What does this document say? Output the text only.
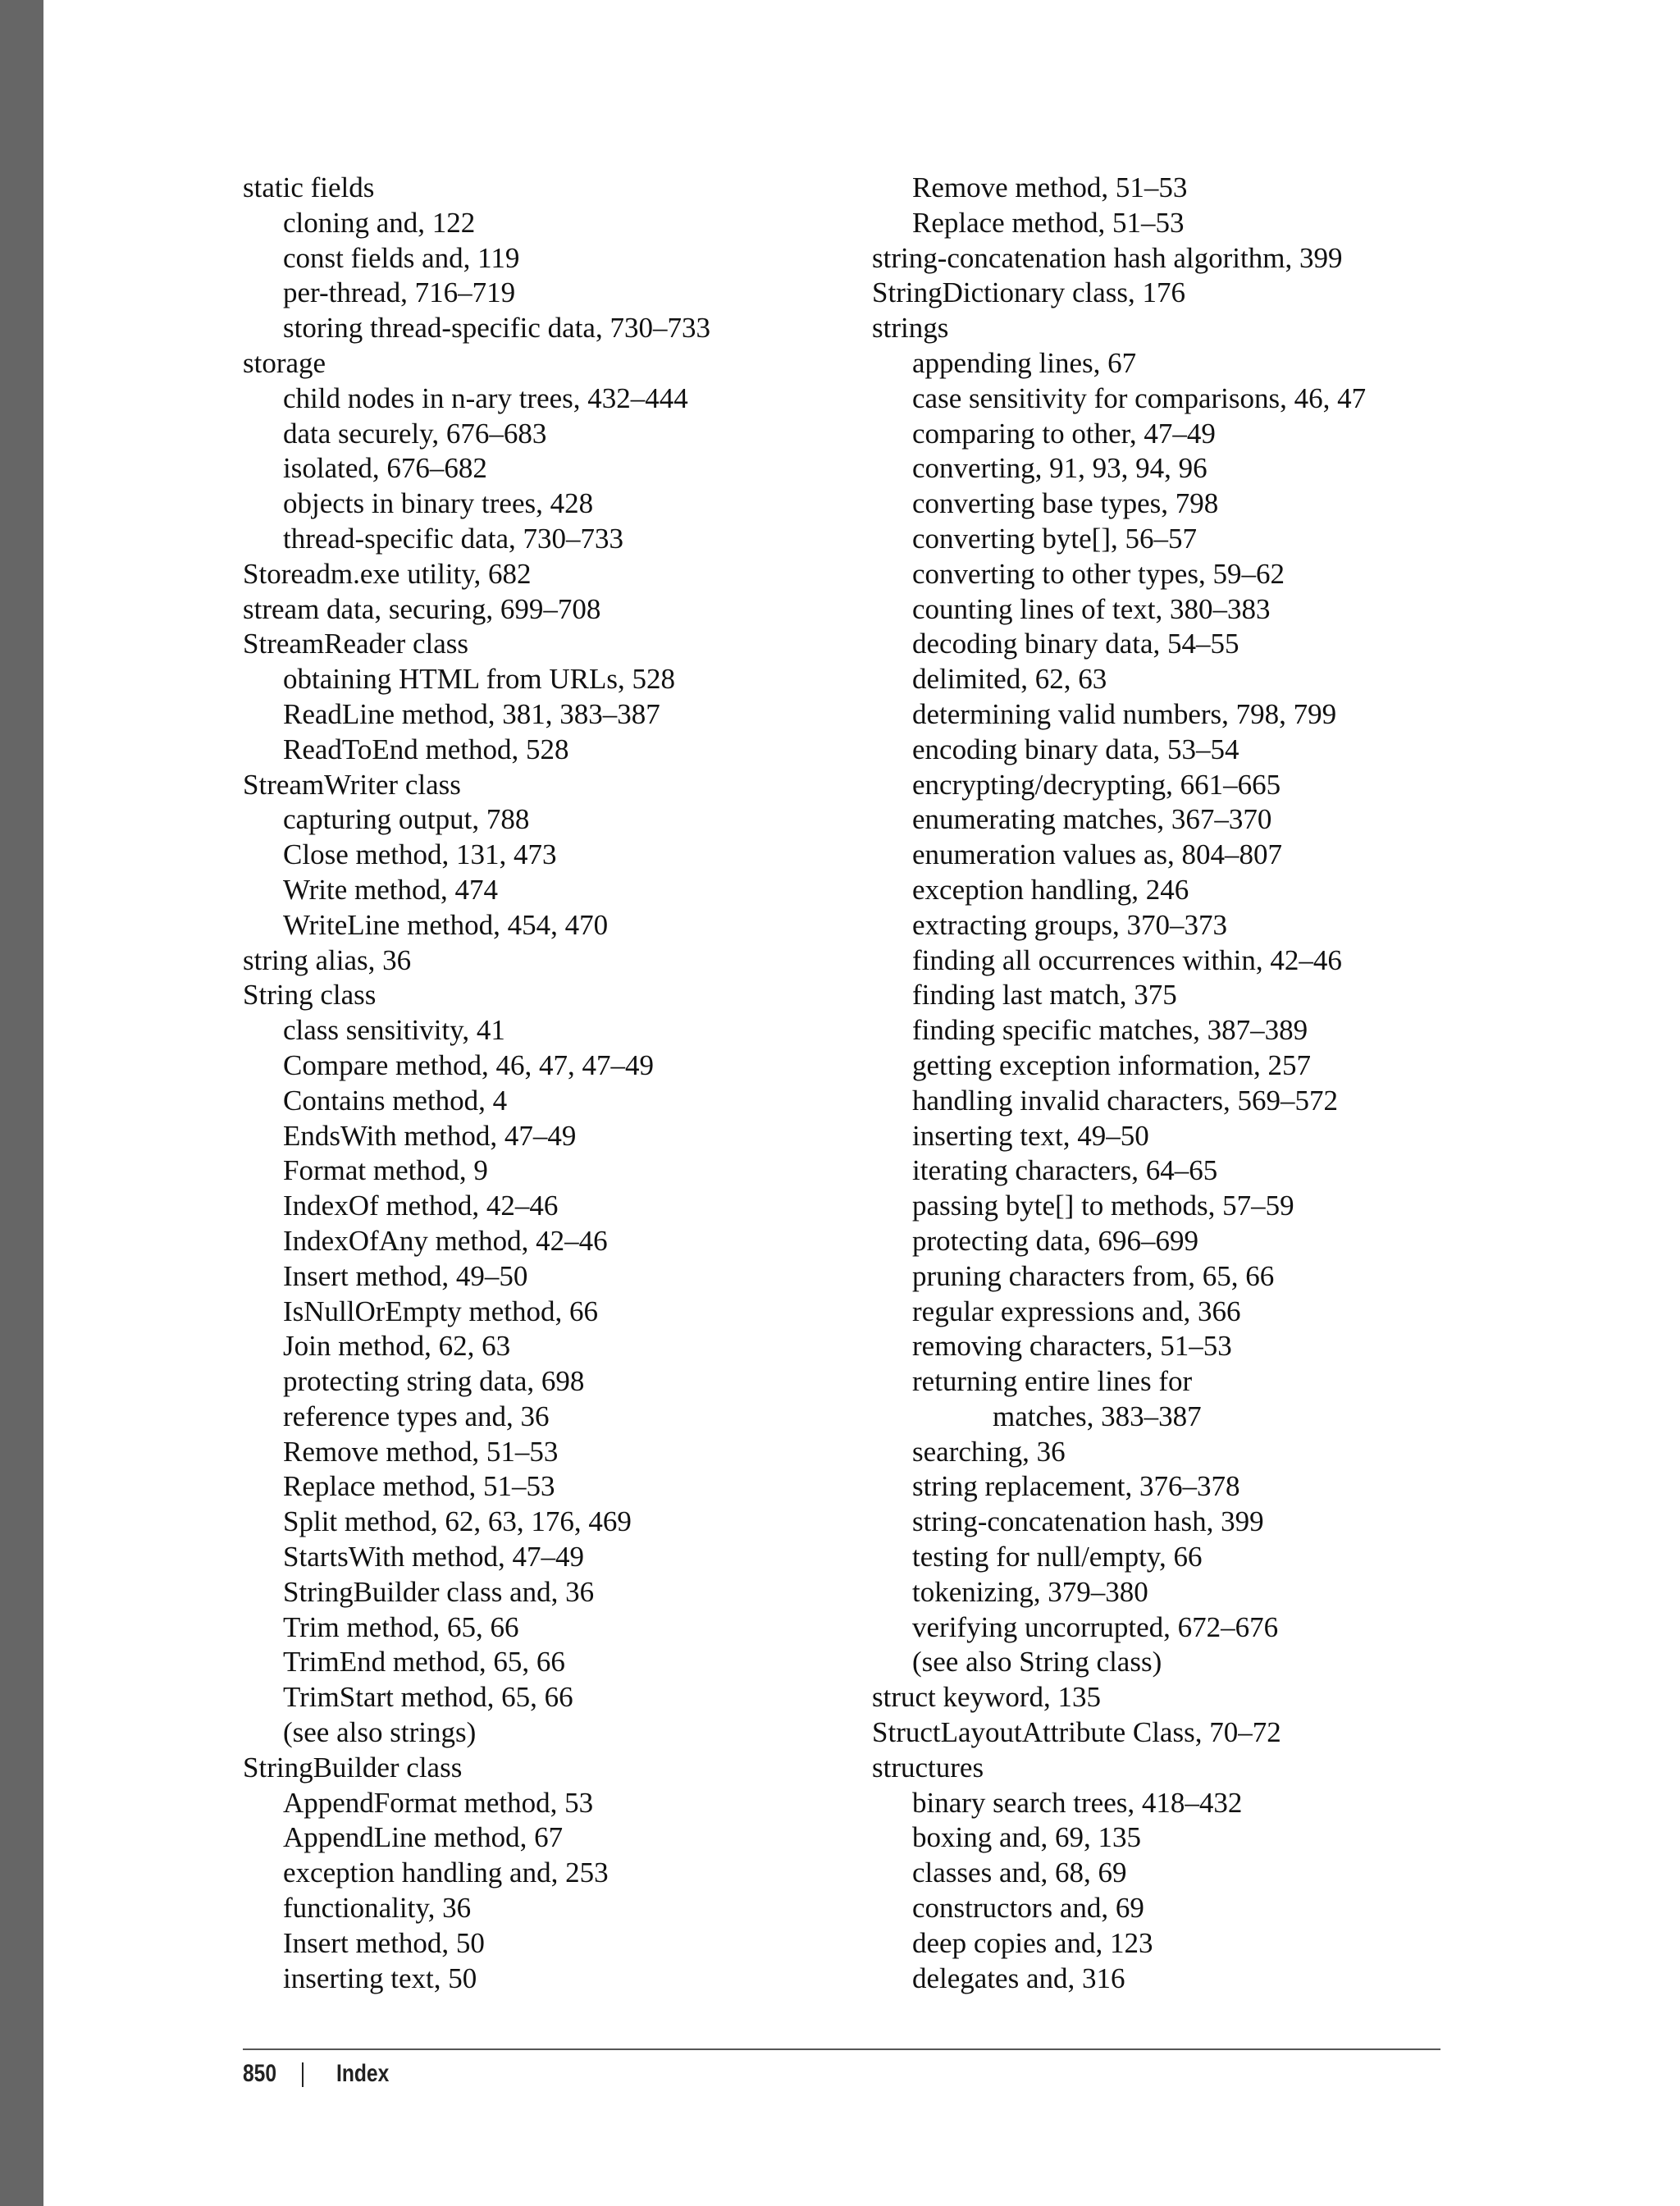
static fields
cloning and, 122
const fields and, 119
per-thread, 716–719
storing thread-specific data, 730–733
storage
child nodes in n-ary trees, 432–444
data securely, 676–683
isolated, 676–682
objects in binary trees, 428
thread-specific data, 730–733
Storeadm.exe utility, 682
stream data, securing, 699–708
StreamReader class
obtaining HTML from URLs, 528
ReadLine method, 381, 383–387
ReadToEnd method, 528
StreamWriter class
capturing output, 788
Close method, 131, 473
Write method, 474
WriteLine method, 454, 470
string alias, 36
String class
class sensitivity, 41
Compare method, 46, 47, 47–49
Contains method, 4
EndsWith method, 47–49
Format method, 9
IndexOf method, 42–46
IndexOfAny method, 42–46
Insert method, 49–50
IsNullOrEmpty method, 66
Join method, 62, 63
protecting string data, 698
reference types and, 36
Remove method, 51–53
Replace method, 51–53
Split method, 62, 63, 176, 469
StartsWith method, 47–49
StringBuilder class and, 36
Trim method, 65, 66
TrimEnd method, 65, 66
TrimStart method, 65, 66
(see also strings)
StringBuilder class
AppendFormat method, 53
AppendLine method, 67
exception handling and, 253
functionality, 36
Insert method, 50
inserting text, 50
Remove method, 51–53
Replace method, 51–53
string-concatenation hash algorithm, 399
StringDictionary class, 176
strings
appending lines, 67
case sensitivity for comparisons, 46, 47
comparing to other, 47–49
converting, 91, 93, 94, 96
converting base types, 798
converting byte[], 56–57
converting to other types, 59–62
counting lines of text, 380–383
decoding binary data, 54–55
delimited, 62, 63
determining valid numbers, 798, 799
encoding binary data, 53–54
encrypting/decrypting, 661–665
enumerating matches, 367–370
enumeration values as, 804–807
exception handling, 246
extracting groups, 370–373
finding all occurrences within, 42–46
finding last match, 375
finding specific matches, 387–389
getting exception information, 257
handling invalid characters, 569–572
inserting text, 49–50
iterating characters, 64–65
passing byte[] to methods, 57–59
protecting data, 696–699
pruning characters from, 65, 66
regular expressions and, 366
removing characters, 51–53
returning entire lines for
matches, 383–387
searching, 36
string replacement, 376–378
string-concatenation hash, 399
testing for null/empty, 66
tokenizing, 379–380
verifying uncorrupted, 672–676
(see also String class)
struct keyword, 135
StructLayoutAttribute Class, 70–72
structures
binary search trees, 418–432
boxing and, 69, 135
classes and, 68, 69
constructors and, 69
deep copies and, 123
delegates and, 316
850 Index
